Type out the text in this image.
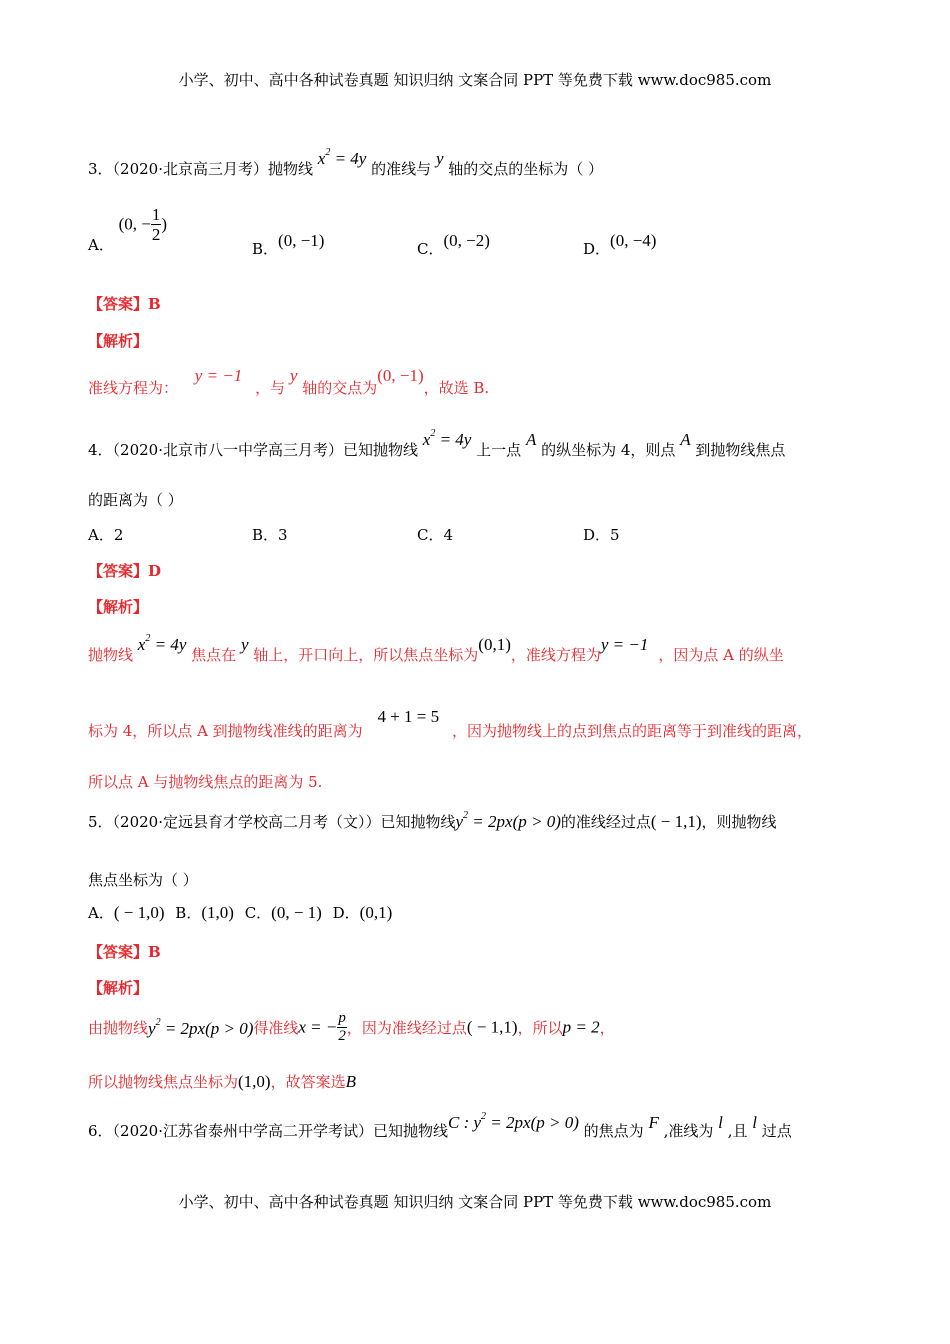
小学、初中、高中各种试卷真题 知识归纳 文案合同 PPT 等免费下载 www.doc985.com
3．（2020·北京高三月考）抛物线 $x^2 = 4y$ 的准线与 y 轴的交点的坐标为（ ）
A． (0, − $\frac{1}{2}$ )
B．(0, −1)	C．(0, −2)	D．(0, −4)
【答案】B
【解析】
准线方程为： y = −1 ，与 y 轴的交点为(0, −1)，故选 B.
4．（2020·北京市八一中学高三月考）已知抛物线 $x^2 = 4y$ 上一点 A 的纵坐标为 4，则点 A 到抛物线焦点
的距离为（ ）
A．2	B．3	C．4	D．5
【答案】D
【解析】
抛物线 $x^2 = 4y$ 焦点在 y 轴上，开口向上，所以焦点坐标为(0,1)，准线方程为y = −1，因为点 A 的纵坐
标为 4，所以点 A 到抛物线准线的距离为 4 + 1 = 5 ，因为抛物线上的点到焦点的距离等于到准线的距离，
所以点 A 与抛物线焦点的距离为 5.
5．（2020·定远县育才学校高二月考（文））已知抛物线$y^2 = 2px(p > 0)$的准线经过点( − 1,1)，则抛物线
焦点坐标为（ ）
A．( − 1,0) B．(1,0) C．(0, − 1) D．(0,1)
【答案】B
【解析】
由抛物线$y^2 = 2px(p > 0)$得准线x = − $\frac{p}{2}$ ，因为准线经过点( − 1,1)，所以p = 2，
所以抛物线焦点坐标为(1,0)，故答案选B
6．（2020·江苏省泰州中学高二开学考试）已知抛物线C : $y^2 = 2px(p > 0)$ 的焦点为 F ,准线为 l ,且 l 过点
小学、初中、高中各种试卷真题 知识归纳 文案合同 PPT 等免费下载 www.doc985.com
